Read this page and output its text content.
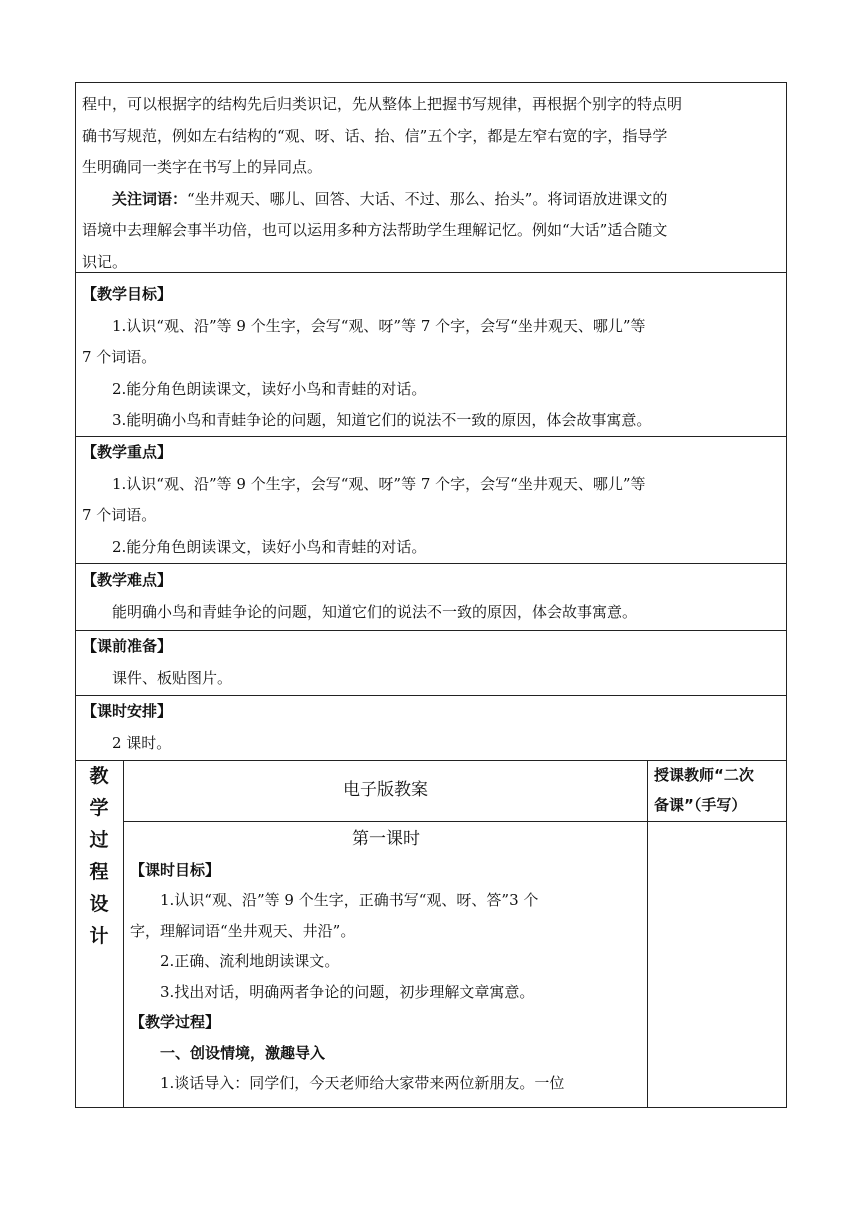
程中，可以根据字的结构先后归类识记，先从整体上把握书写规律，再根据个别字的特点明

确书写规范，例如左右结构的“观、呀、话、抬、信”五个字，都是左窄右宽的字，指导学

生明确同一类字在书写上的异同点。

关注词语：“坐井观天、哪儿、回答、大话、不过、那么、抬头”。将词语放进课文的

语境中去理解会事半功倍，也可以运用多种方法帮助学生理解记忆。例如“大话”适合随文

识记。

【教学目标】

1.认识“观、沿”等 9 个生字，会写“观、呀”等 7 个字，会写“坐井观天、哪儿”等

7 个词语。

2.能分角色朗读课文，读好小鸟和青蛙的对话。

3.能明确小鸟和青蛙争论的问题，知道它们的说法不一致的原因，体会故事寓意。

【教学重点】

1.认识“观、沿”等 9 个生字，会写“观、呀”等 7 个字，会写“坐井观天、哪儿”等

7 个词语。

2.能分角色朗读课文，读好小鸟和青蛙的对话。

【教学难点】

能明确小鸟和青蛙争论的问题，知道它们的说法不一致的原因，体会故事寓意。

【课前准备】

课件、板贴图片。

【课时安排】

2 课时。

教
学
过
程
设
计
电子版教案

授课教师“二次

备课”（手写）

第一课时

【课时目标】

1.认识“观、沿”等 9 个生字，正确书写“观、呀、答”3 个

字，理解词语“坐井观天、井沿”。

2.正确、流利地朗读课文。

3.找出对话，明确两者争论的问题，初步理解文章寓意。

【教学过程】

一、创设情境，激趣导入

1.谈话导入：同学们，今天老师给大家带来两位新朋友。一位
